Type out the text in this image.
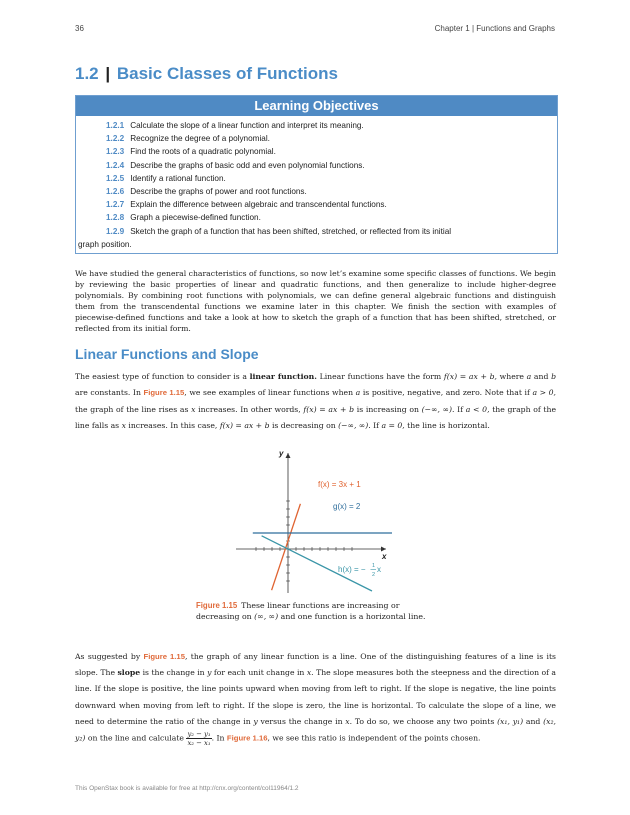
36	Chapter 1 | Functions and Graphs
1.2 | Basic Classes of Functions
Learning Objectives
1.2.1 Calculate the slope of a linear function and interpret its meaning.
1.2.2 Recognize the degree of a polynomial.
1.2.3 Find the roots of a quadratic polynomial.
1.2.4 Describe the graphs of basic odd and even polynomial functions.
1.2.5 Identify a rational function.
1.2.6 Describe the graphs of power and root functions.
1.2.7 Explain the difference between algebraic and transcendental functions.
1.2.8 Graph a piecewise-defined function.
1.2.9 Sketch the graph of a function that has been shifted, stretched, or reflected from its initial
graph position.

We have studied the general characteristics of functions, so now let’s examine some specific classes of functions. We begin by reviewing the basic properties of linear and quadratic functions, and then generalize to include higher-degree polynomials. By combining root functions with polynomials, we can define general algebraic functions and distinguish them from the transcendental functions we examine later in this chapter. We finish the section with examples of piecewise-defined functions and take a look at how to sketch the graph of a function that has been shifted, stretched, or reflected from its initial form.

Linear Functions and Slope

The easiest type of function to consider is a linear function. Linear functions have the form f(x) = ax + b, where a and b are constants. In Figure 1.15, we see examples of linear functions when a is positive, negative, and zero. Note that if a > 0, the graph of the line rises as x increases. In other words, f(x) = ax + b is increasing on (−∞, ∞). If a < 0, the graph of the line falls as x increases. In this case, f(x) = ax + b is decreasing on (−∞, ∞). If a = 0, the line is horizontal.

x
y
f(x) = 3x + 1
g(x) = 2
h(x) = − 1
2
x
Figure 1.15 These linear functions are increasing or decreasing on (∞, ∞) and one function is a horizontal line.

As suggested by Figure 1.15, the graph of any linear function is a line. One of the distinguishing features of a line is its slope. The slope is the change in y for each unit change in x. The slope measures both the steepness and the direction of a line. If the slope is positive, the line points upward when moving from left to right. If the slope is negative, the line points downward when moving from left to right. If the slope is zero, the line is horizontal. To calculate the slope of a line, we need to determine the ratio of the change in y versus the change in x. To do so, we choose any two points (x₁, y₁) and (x₂, y₂) on the line and calculate $\frac{\text{y₂ − y₁}}{\text{x₂ − x₁}}$ . In Figure 1.16, we see this ratio is independent of the points chosen.

This OpenStax book is available for free at http://cnx.org/content/col11964/1.2
